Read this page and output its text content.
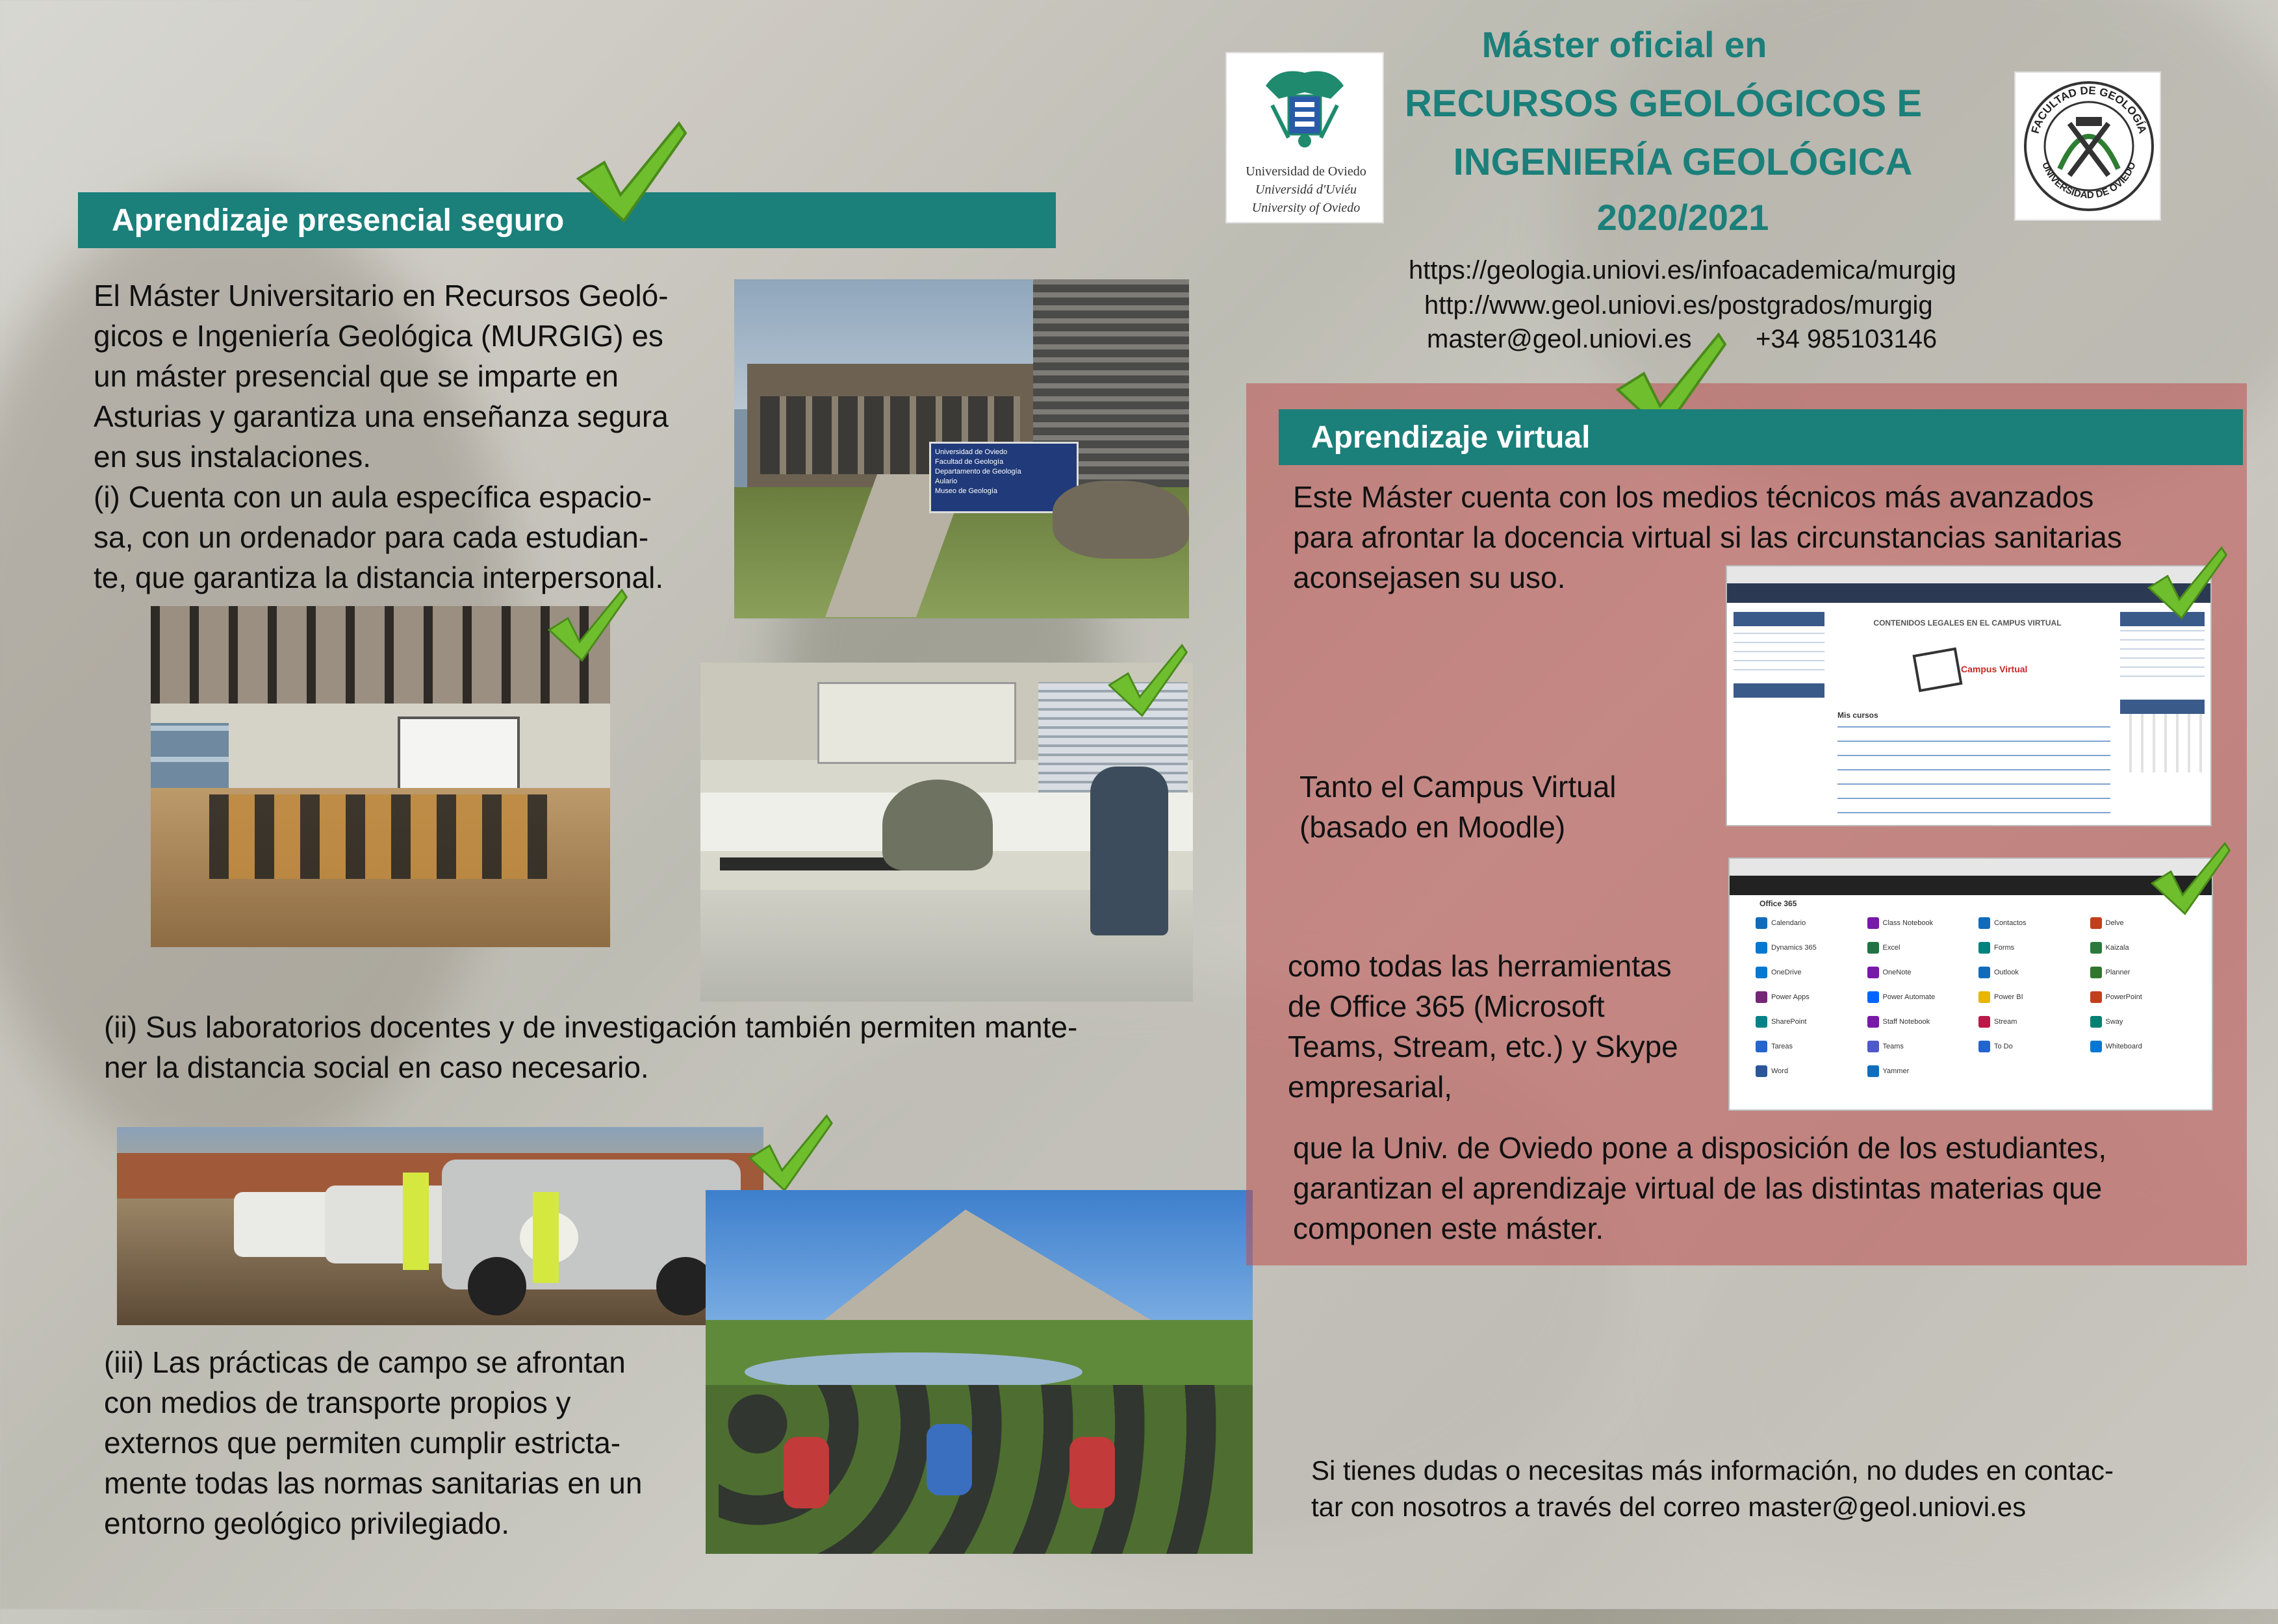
Aprendizaje presencial seguro

El Máster Universitario en Recursos Geoló-
gicos e Ingeniería Geológica (MURGIG) es
un máster presencial que se imparte en
Asturias y garantiza una enseñanza segura
en sus instalaciones.
(i) Cuenta con un aula específica espacio-
sa, con un ordenador para cada estudian-
te, que garantiza la distancia interpersonal.

Universidad de Oviedo
Facultad de Geología
Departamento de Geología
Aulario
Museo de Geología

(ii) Sus laboratorios docentes y de investigación también permiten mante-
ner la distancia social en caso necesario.

(iii) Las prácticas de campo se afrontan
con medios de transporte propios y
externos que permiten cumplir estricta-
mente todas las normas sanitarias en un
entorno geológico privilegiado.

Universidad de Oviedo
Universidá d'Uviéu
University of Oviedo
Máster oficial en
RECURSOS GEOLÓGICOS E
INGENIERÍA GEOLÓGICA
2020/2021
FACULTAD DE GEOLOGÍA
UNIVERSIDAD DE OVIEDO
https://geologia.uniovi.es/infoacademica/murgig
http://www.geol.uniovi.es/postgrados/murgig
master@geol.uniovi.es +34 985103146
Aprendizaje virtual

Este Máster cuenta con los medios técnicos más avanzados
para afrontar la docencia virtual si las circunstancias sanitarias
aconsejasen su uso.

CONTENIDOS LEGALES EN EL CAMPUS VIRTUAL
Campus Virtual
Mis cursos

Tanto el Campus Virtual
(basado en Moodle)

Office 365
Calendario	Class Notebook	Contactos	Delve
Dynamics 365	Excel	Forms	Kaizala
OneDrive	OneNote	Outlook	Planner
Power Apps	Power Automate	Power BI	PowerPoint
SharePoint	Staff Notebook	Stream	Sway
Tareas	Teams	To Do	Whiteboard
Word	Yammer

como todas las herramientas
de Office 365 (Microsoft
Teams, Stream, etc.) y Skype
empresarial,

que la Univ. de Oviedo pone a disposición de los estudiantes,
garantizan el aprendizaje virtual de las distintas materias que
componen este máster.

Si tienes dudas o necesitas más información, no dudes en contac-
tar con nosotros a través del correo master@geol.uniovi.es
